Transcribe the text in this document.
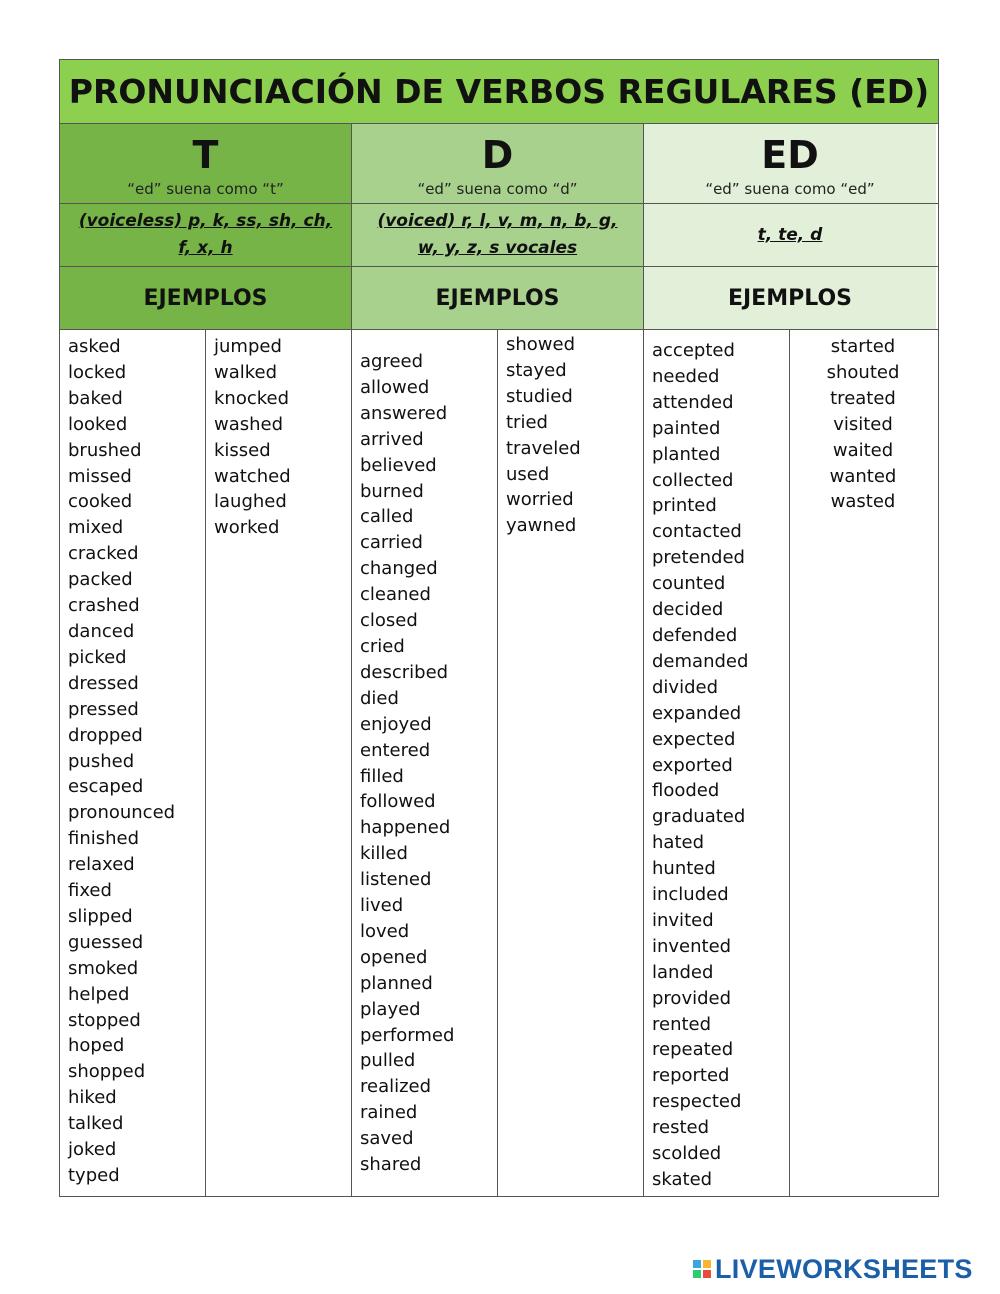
PRONUNCIACIÓN DE VERBOS REGULARES (ED)
T
“ed” suena como “t”
D
“ed” suena como “d”
ED
“ed” suena como “ed”
(voiceless) p, k, ss, sh, ch, f, x, h
(voiced) r, l, v, m, n, b, g, w, y, z, s vocales
t, te, d
EJEMPLOS	EJEMPLOS	EJEMPLOS
asked
locked
baked
looked
brushed
missed
cooked
mixed
cracked
packed
crashed
danced
picked
dressed
pressed
dropped
pushed
escaped
pronounced
finished
relaxed
fixed
slipped
guessed
smoked
helped
stopped
hoped
shopped
hiked
talked
joked
typed
jumped
walked
knocked
washed
kissed
watched
laughed
worked
agreed
allowed
answered
arrived
believed
burned
called
carried
changed
cleaned
closed
cried
described
died
enjoyed
entered
filled
followed
happened
killed
listened
lived
loved
opened
planned
played
performed
pulled
realized
rained
saved
shared
showed
stayed
studied
tried
traveled
used
worried
yawned
accepted
needed
attended
painted
planted
collected
printed
contacted
pretended
counted
decided
defended
demanded
divided
expanded
expected
exported
flooded
graduated
hated
hunted
included
invited
invented
landed
provided
rented
repeated
reported
respected
rested
scolded
skated
started
shouted
treated
visited
waited
wanted
wasted
LIVEWORKSHEETS
